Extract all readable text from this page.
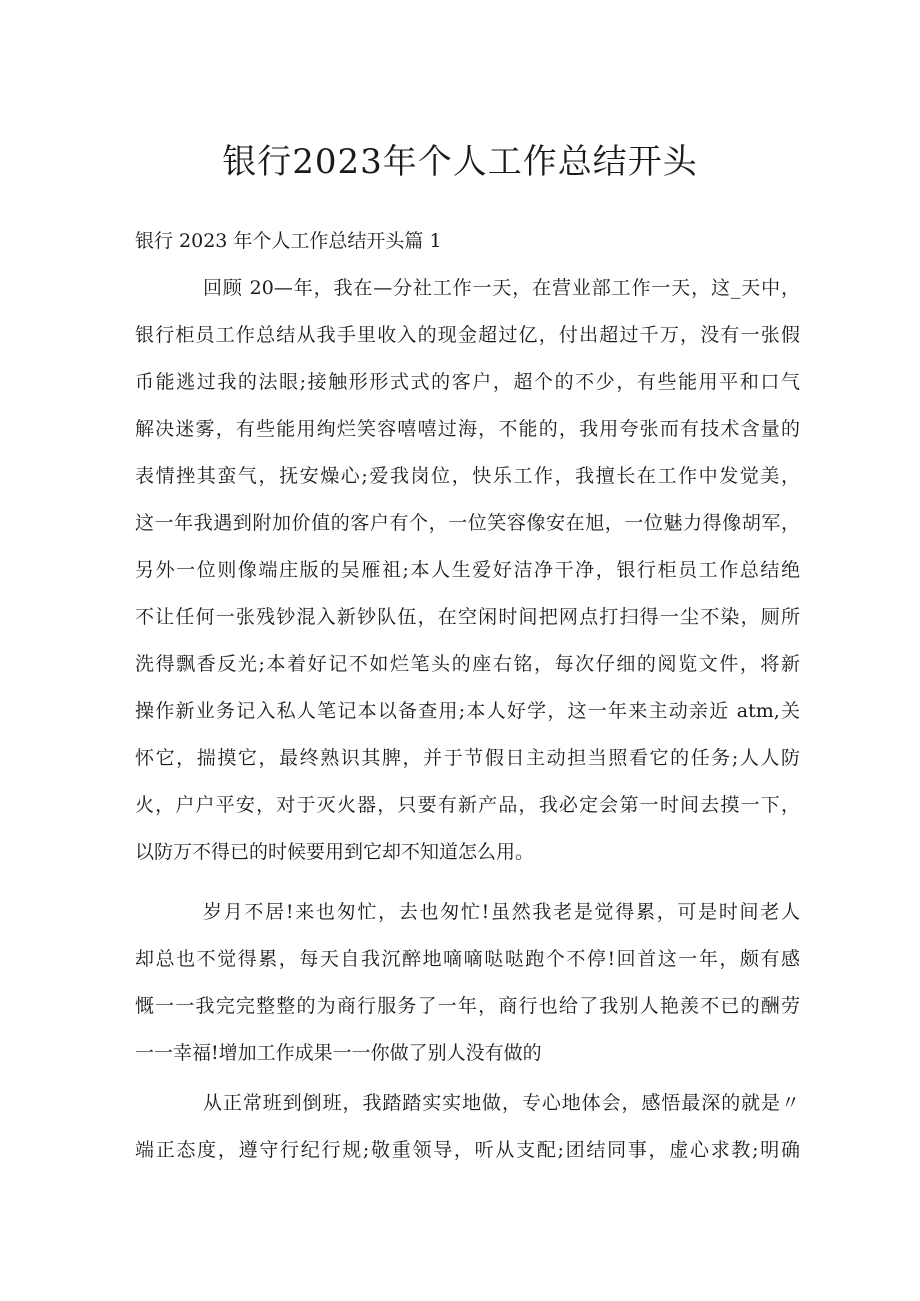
银行2023年个人工作总结开头

银行 2023 年个人工作总结开头篇 1

回顾 20—年，我在—分社工作一天，在营业部工作一天，这_天中，

银行柜员工作总结从我手里收入的现金超过亿，付出超过千万，没有一张假

币能逃过我的法眼;接触形形式式的客户，超个的不少，有些能用平和口气

解决迷雾，有些能用绚烂笑容嘻嘻过海，不能的，我用夸张而有技术含量的

表情挫其蛮气，抚安燥心;爱我岗位，快乐工作，我擅长在工作中发觉美，

这一年我遇到附加价值的客户有个，一位笑容像安在旭，一位魅力得像胡军，

另外一位则像端庄版的吴雁祖;本人生爱好洁净干净，银行柜员工作总结绝

不让任何一张残钞混入新钞队伍，在空闲时间把网点打扫得一尘不染，厕所

洗得飘香反光;本着好记不如烂笔头的座右铭，每次仔细的阅览文件，将新

操作新业务记入私人笔记本以备查用;本人好学，这一年来主动亲近 atm,关

怀它，揣摸它，最终熟识其脾，并于节假日主动担当照看它的任务;人人防

火，户户平安，对于灭火器，只要有新产品，我必定会第一时间去摸一下，

以防万不得已的时候要用到它却不知道怎么用。

岁月不居!来也匆忙，去也匆忙!虽然我老是觉得累，可是时间老人

却总也不觉得累，每天自我沉醉地嘀嘀哒哒跑个不停!回首这一年，颇有感

慨一一我完完整整的为商行服务了一年，商行也给了我别人艳羡不已的酬劳

一一幸福!增加工作成果一一你做了别人没有做的

从正常班到倒班，我踏踏实实地做，专心地体会，感悟最深的就是〃

端正态度，遵守行纪行规;敬重领导，听从支配;团结同事，虚心求教;明确
